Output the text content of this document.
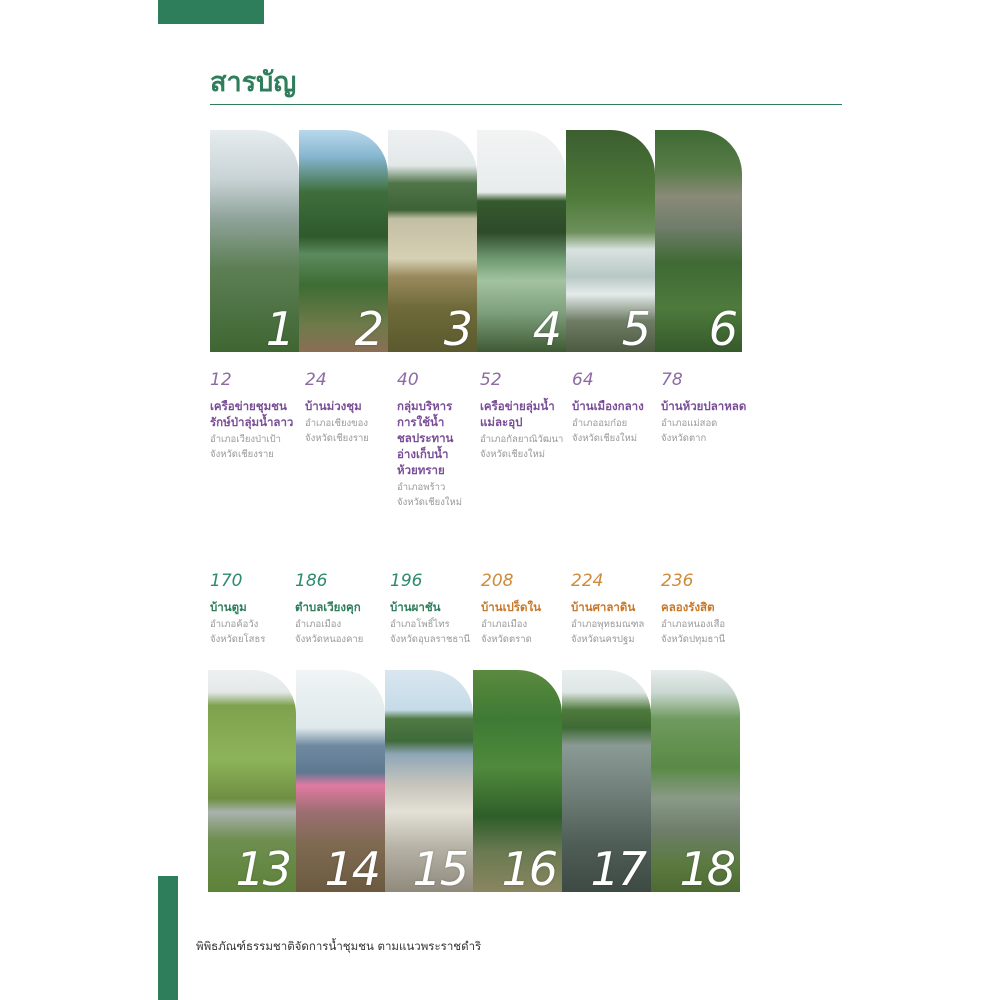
สารบัญ
1 2 3 4 5 6
12
เครือข่ายชุมชนรักษ์ป่าลุ่มน้ำลาว
อำเภอเวียงป่าเป้า
จังหวัดเชียงราย
24
บ้านม่วงชุม
อำเภอเชียงของ
จังหวัดเชียงราย
40
กลุ่มบริหารการใช้น้ำชลประทานอ่างเก็บน้ำห้วยทราย
อำเภอพร้าว
จังหวัดเชียงใหม่
52
เครือข่ายลุ่มน้ำแม่ละอุป
อำเภอกัลยาณิวัฒนา
จังหวัดเชียงใหม่
64
บ้านเมืองกลาง
อำเภออมก๋อย
จังหวัดเชียงใหม่
78
บ้านห้วยปลาหลด
อำเภอแม่สอด
จังหวัดตาก
170
บ้านตูม
อำเภอค้อวัง
จังหวัดยโสธร
186
ตำบลเวียงคุก
อำเภอเมือง
จังหวัดหนองคาย
196
บ้านผาชัน
อำเภอโพธิ์ไทร
จังหวัดอุบลราชธานี
208
บ้านเปร็ดใน
อำเภอเมือง
จังหวัดตราด
224
บ้านศาลาดิน
อำเภอพุทธมณฑล
จังหวัดนครปฐม
236
คลองรังสิต
อำเภอหนองเสือ
จังหวัดปทุมธานี
13 14 15 16 17 18
พิพิธภัณฑ์ธรรมชาติจัดการน้ำชุมชน ตามแนวพระราชดำริ
